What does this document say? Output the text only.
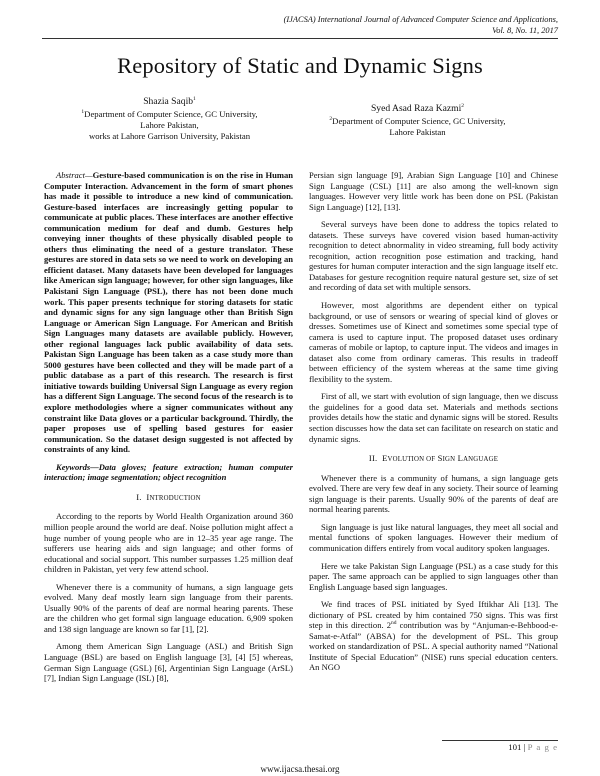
(IJACSA) International Journal of Advanced Computer Science and Applications,
Vol. 8, No. 11, 2017
Repository of Static and Dynamic Signs
Shazia Saqib$^1$
$^1$Department of Computer Science, GC University,
Lahore Pakistan,
works at Lahore Garrison University, Pakistan
Syed Asad Raza Kazmi$^2$
$^2$Department of Computer Science, GC University,
Lahore Pakistan

Abstract—Gesture-based communication is on the rise in Human Computer Interaction. Advancement in the form of smart phones has made it possible to introduce a new kind of communication. Gesture-based interfaces are increasingly getting popular to communicate at public places. These interfaces are another effective communication medium for deaf and dumb. Gestures help conveying inner thoughts of these physically disabled people to others thus eliminating the need of a gesture translator. These gestures are stored in data sets so we need to work on developing an efficient dataset. Many datasets have been developed for languages like American sign language; however, for other sign languages, like Pakistani Sign Language (PSL), there has not been done much work. This paper presents technique for storing datasets for static and dynamic signs for any sign language other than British Sign Language or American Sign Language. For American and British Sign Languages many datasets are available publicly. However, other regional languages lack public availability of data sets. Pakistan Sign Language has been taken as a case study more than 5000 gestures have been collected and they will be made part of a public database as a part of this research. The research is first initiative towards building Universal Sign Language as every region has a different Sign Language. The second focus of the research is to explore methodologies where a signer communicates without any constraint like Data gloves or a particular background. Thirdly, the paper proposes use of spelling based gestures for easier communication. So the dataset design suggested is not affected by constraints of any kind.

Keywords—Data gloves; feature extraction; human computer interaction; image segmentation; object recognition

I. INTRODUCTION

According to the reports by World Health Organization around 360 million people around the world are deaf. Noise pollution might affect a huge number of young people who are in 12–35 year age range. The sufferers use hearing aids and sign language; and other forms of educational and social support. This number surpasses 1.25 million deaf children in Pakistan, yet very few attend school.

Whenever there is a community of humans, a sign language gets evolved. Many deaf mostly learn sign language from their parents. Usually 90% of the parents of deaf are normal hearing parents. These are the children who get formal sign language education. 6,909 spoken and 138 sign language are known so far [1], [2].

Among them American Sign Language (ASL) and British Sign Language (BSL) are based on English language [3], [4] [5] whereas, German Sign Language (GSL) [6], Argentinian Sign Language (ArSL) [7], Indian Sign Language (ISL) [8],

Persian sign language [9], Arabian Sign Language [10] and Chinese Sign Language (CSL) [11] are also among the well-known sign languages. However very little work has been done on PSL (Pakistan Sign Language) [12], [13].

Several surveys have been done to address the topics related to datasets. These surveys have covered vision based human-activity recognition to detect abnormality in video streaming, full body activity recognition, action recognition pose estimation and tracking, hand gestures for human computer interaction and the sign language itself etc. Databases for gesture recognition require natural gesture set, size of set and recording of data set with multiple sensors.

However, most algorithms are dependent either on typical background, or use of sensors or wearing of special kind of gloves or dresses. Sometimes use of Kinect and sometimes some special type of camera is used to capture input. The proposed dataset uses ordinary cameras of mobile or laptop, to capture input. The videos and images in dataset also come from ordinary cameras. This results in tradeoff between efficiency of the system whereas at the same time giving flexibility to the system.

First of all, we start with evolution of sign language, then we discuss the guidelines for a good data set. Materials and methods sections provides details how the static and dynamic signs will be stored. Results section discusses how the data set can facilitate on research on static and dynamic signs.

II. EVOLUTION OF SIGN LANGUAGE

Whenever there is a community of humans, a sign language gets evolved. There are very few deaf in any society. Their source of learning sign language is their parents. Usually 90% of the parents of deaf are normal hearing parents.

Sign language is just like natural languages, they meet all social and mental functions of spoken languages. However their medium of communication differs entirely from vocal auditory spoken languages.

Here we take Pakistan Sign Language (PSL) as a case study for this paper. The same approach can be applied to sign languages other than English Language based sign languages.

We find traces of PSL initiated by Syed Iftikhar Ali [13]. The dictionary of PSL created by him contained 750 signs. This was first step in this direction. 2nd contribution was by “Anjuman-e-Behbood-e-Samat-e-Atfal” (ABSA) for the development of PSL. This group worked on standardization of PSL. A special authority named “National Institute of Special Education” (NISE) runs special education centers. An NGO

101 | P a g e
www.ijacsa.thesai.org
